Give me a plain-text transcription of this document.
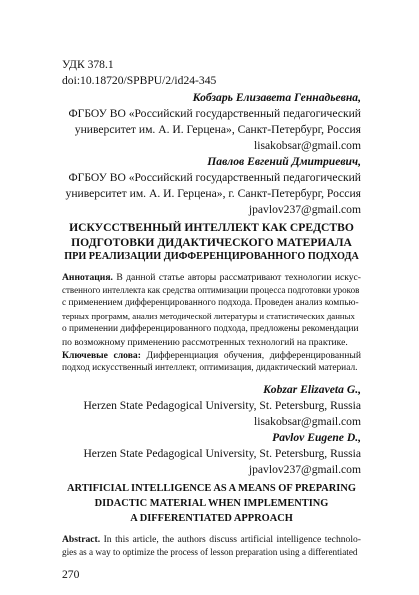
УДК 378.1
doi:10.18720/SPBPU/2/id24-345
Кобзарь Елизавета Геннадьевна,
ФГБОУ ВО «Российский государственный педагогический
университет им. А. И. Герцена», Санкт-Петербург, Россия
lisakobsar@gmail.com
Павлов Евгений Дмитриевич,
ФГБОУ ВО «Российский государственный педагогический
университет им. А. И. Герцена», г. Санкт-Петербург, Россия
jpavlov237@gmail.com
ИСКУССТВЕННЫЙ ИНТЕЛЛЕКТ КАК СРЕДСТВО
ПОДГОТОВКИ ДИДАКТИЧЕСКОГО МАТЕРИАЛА
ПРИ РЕАЛИЗАЦИИ ДИФФЕРЕНЦИРОВАННОГО ПОДХОДА
Аннотация. В данной статье авторы рассматривают технологии искус-
ственного интеллекта как средства оптимизации процесса подготовки уроков
с применением дифференцированного подхода. Проведен анализ компью-
терных программ, анализ методической литературы и статистических данных
о применении дифференцированного подхода, предложены рекомендации
по возможному применению рассмотренных технологий на практике.
Ключевые слова: Дифференциация обучения, дифференцированный
подход искусственный интеллект, оптимизация, дидактический материал.
Kobzar Elizaveta G.,
Herzen State Pedagogical University, St. Petersburg, Russia
lisakobsar@gmail.com
Pavlov Eugene D.,
Herzen State Pedagogical University, St. Petersburg, Russia
jpavlov237@gmail.com
ARTIFICIAL INTELLIGENCE AS A MEANS OF PREPARING
DIDACTIC MATERIAL WHEN IMPLEMENTING
A DIFFERENTIATED APPROACH
Abstract. In this article, the authors discuss artificial intelligence technolo-
gies as a way to optimize the process of lesson preparation using a differentiated
270
